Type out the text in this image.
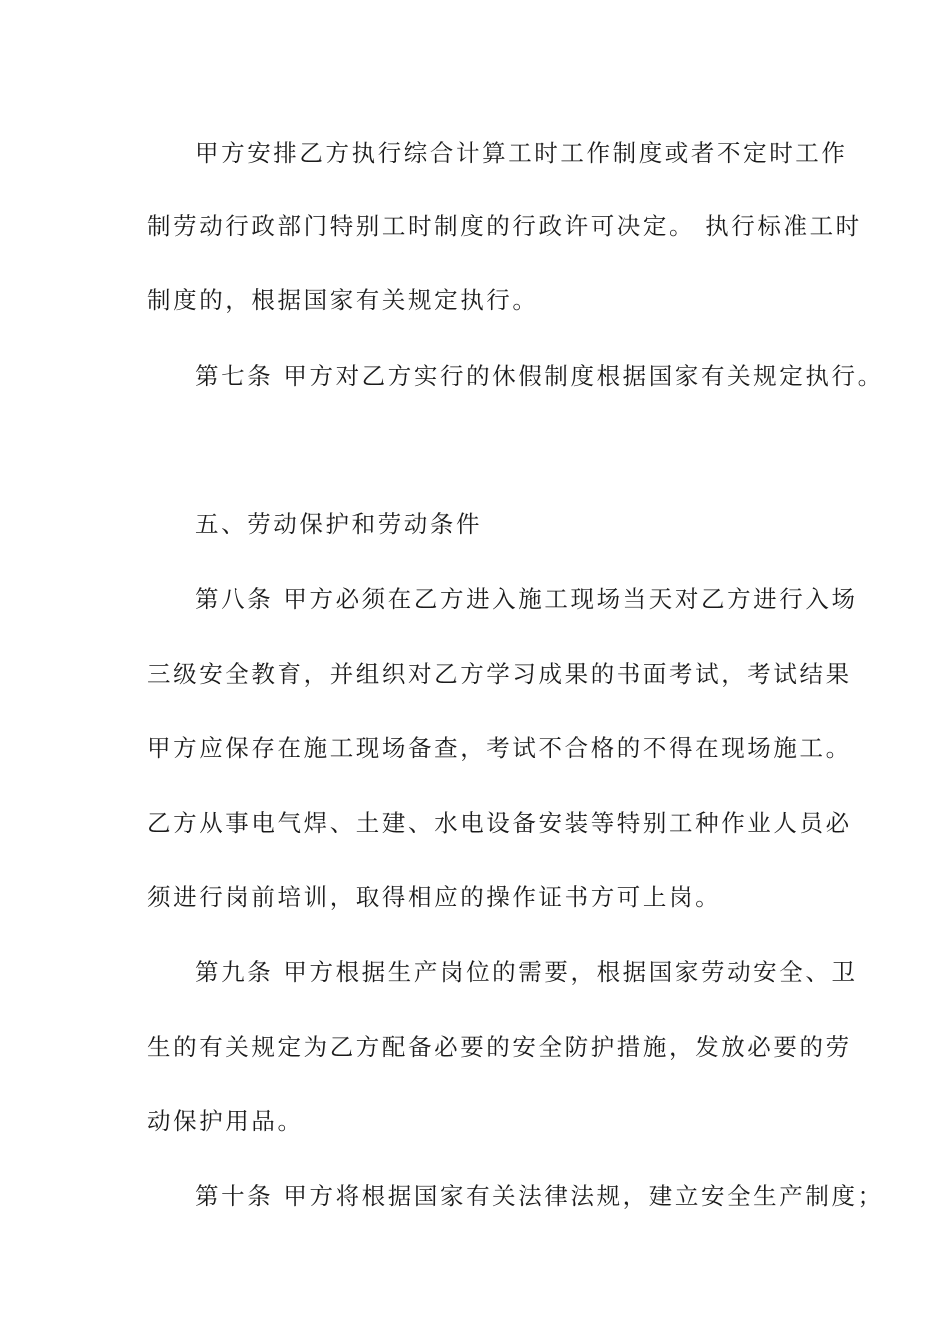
甲方安排乙方执行综合计算工时工作制度或者不定时工作
制劳动行政部门特别工时制度的行政许可决定。 执行标准工时
制度的，根据国家有关规定执行。
第七条 甲方对乙方实行的休假制度根据国家有关规定执行。
五、劳动保护和劳动条件
第八条 甲方必须在乙方进入施工现场当天对乙方进行入场
三级安全教育，并组织对乙方学习成果的书面考试，考试结果
甲方应保存在施工现场备查，考试不合格的不得在现场施工。
乙方从事电气焊、土建、水电设备安装等特别工种作业人员必
须进行岗前培训，取得相应的操作证书方可上岗。
第九条 甲方根据生产岗位的需要，根据国家劳动安全、卫
生的有关规定为乙方配备必要的安全防护措施，发放必要的劳
动保护用品。
第十条 甲方将根据国家有关法律法规，建立安全生产制度；
